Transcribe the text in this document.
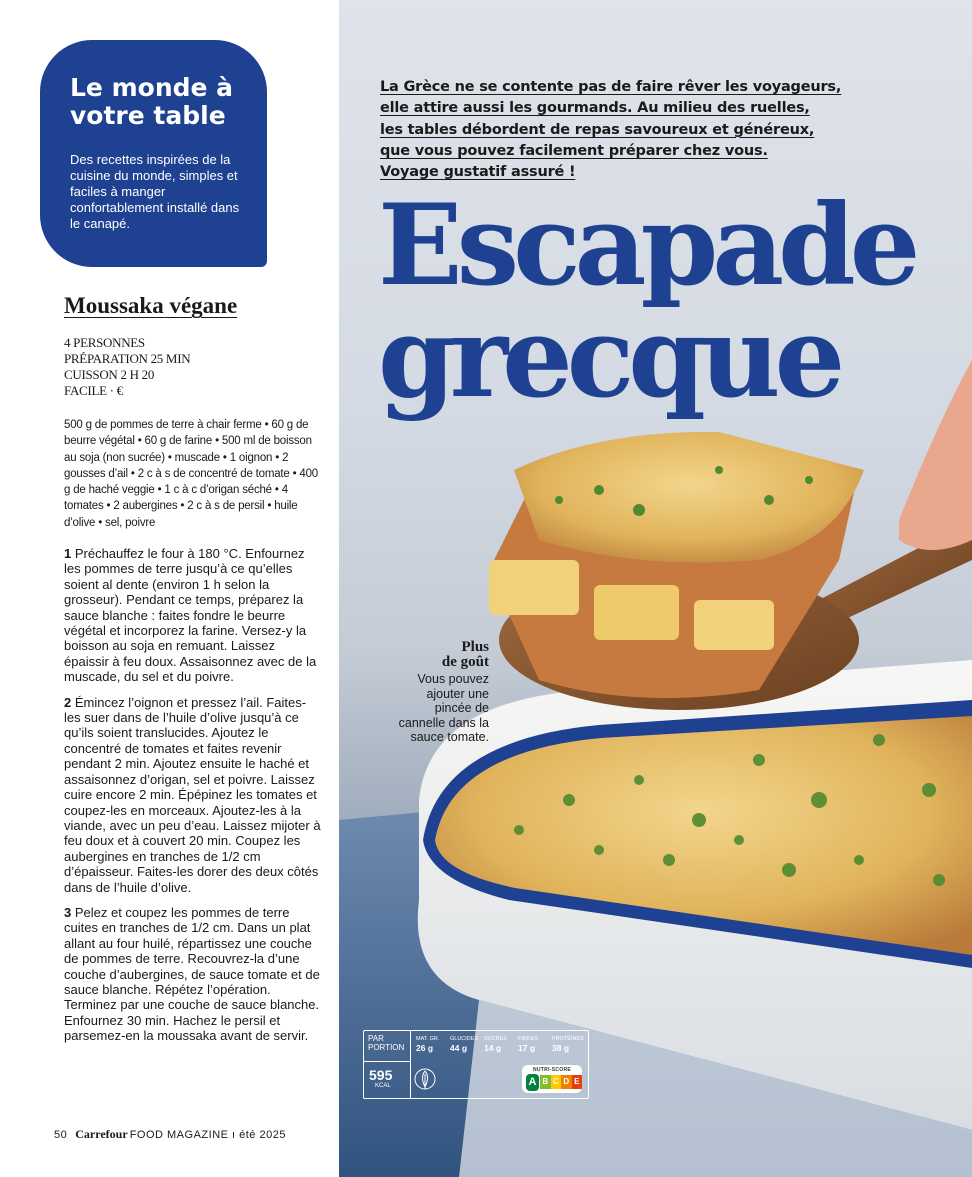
Le monde à
votre table

Des recettes inspirées de la cuisine du monde, simples et faciles à manger confortablement installé dans le canapé.

Moussaka végane
4 PERSONNES
PRÉPARATION 25 MIN
CUISSON 2 H 20
FACILE · €

500 g de pommes de terre à chair ferme • 60 g de beurre végétal • 60 g de farine • 500 ml de boisson au soja (non sucrée) • muscade • 1 oignon • 2 gousses d’ail • 2 c à s de concentré de tomate • 400 g de haché veggie • 1 c à c d’origan séché • 4 tomates • 2 aubergines • 2 c à s de persil • huile d’olive • sel, poivre

1 Préchauffez le four à 180 °C. Enfournez les pommes de terre jusqu’à ce qu’elles soient al dente (environ 1 h selon la grosseur). Pendant ce temps, préparez la sauce blanche : faites fondre le beurre végétal et incorporez la farine. Versez-y la boisson au soja en remuant. Laissez épaissir à feu doux. Assaisonnez avec de la muscade, du sel et du poivre.

2 Émincez l’oignon et pressez l’ail. Faites-les suer dans de l’huile d’olive jusqu’à ce qu’ils soient translucides. Ajoutez le concentré de tomates et faites revenir pendant 2 min. Ajoutez ensuite le haché et assaisonnez d’origan, sel et poivre. Laissez cuire encore 2 min. Épépinez les tomates et coupez-les en morceaux. Ajoutez-les à la viande, avec un peu d’eau. Laissez mijoter à feu doux et à couvert 20 min. Coupez les aubergines en tranches de 1/2 cm d’épaisseur. Faites-les dorer des deux côtés dans de l’huile d’olive.

3 Pelez et coupez les pommes de terre cuites en tranches de 1/2 cm. Dans un plat allant au four huilé, répartissez une couche de pommes de terre. Recouvrez-la d’une couche d’aubergines, de sauce tomate et de sauce blanche. Répétez l’opération. Terminez par une couche de sauce blanche. Enfournez 30 min. Hachez le persil et parsemez-en la moussaka avant de servir.

50 Carrefour FOOD MAGAZINE ı été 2025

La Grèce ne se contente pas de faire rêver les voyageurs,
elle attire aussi les gourmands. Au milieu des ruelles,
les tables débordent de repas savoureux et généreux,
que vous pouvez facilement préparer chez vous.
Voyage gustatif assuré !

Escapade
grecque

Plus
de goût

Vous pouvez ajouter une pincée de cannelle dans la sauce tomate.

PAR
PORTION
595
KCAL
MAT. GR.
26 g
GLUCIDES
44 g
SUCRES
14 g
FIBRES
17 g
PROTÉINES
38 g
NUTRI-SCORE
A B C D E
